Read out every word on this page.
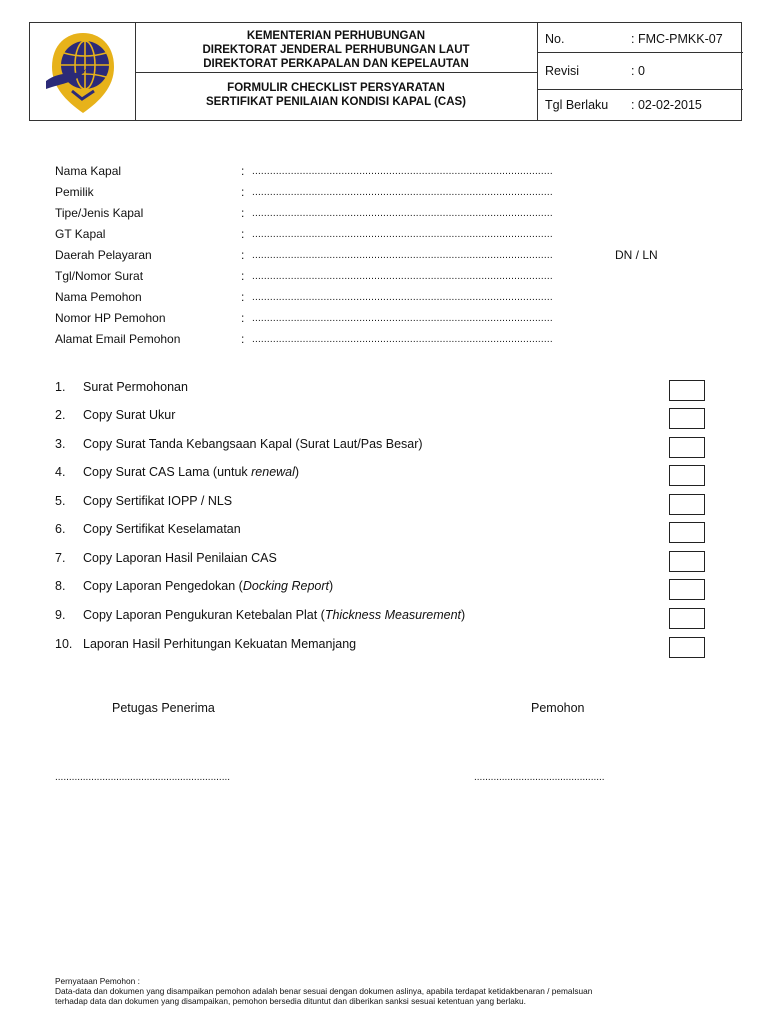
KEMENTERIAN PERHUBUNGAN
DIREKTORAT JENDERAL PERHUBUNGAN LAUT
DIREKTORAT PERKAPALAN DAN KEPELAUTAN
FORMULIR CHECKLIST PERSYARATAN
SERTIFIKAT PENILAIAN KONDISI KAPAL (CAS)
No.	: FMC-PMKK-07
Revisi	: 0
Tgl Berlaku : 02-02-2015
Nama Kapal	: .....................................................................................................
Pemilik	: .....................................................................................................
Tipe/Jenis Kapal	: .....................................................................................................
GT Kapal	: .....................................................................................................
Daerah Pelayaran	: .....................................................................................................	DN / LN
Tgl/Nomor Surat	: .....................................................................................................
Nama Pemohon	: .....................................................................................................
Nomor HP Pemohon	: .....................................................................................................
Alamat Email Pemohon	: .....................................................................................................
1. Surat Permohonan
2. Copy Surat Ukur
3. Copy Surat Tanda Kebangsaan Kapal (Surat Laut/Pas Besar)
4. Copy Surat CAS Lama (untuk renewal)
5. Copy Sertifikat IOPP / NLS
6. Copy Sertifikat Keselamatan
7. Copy Laporan Hasil Penilaian CAS
8. Copy Laporan Pengedokan (Docking Report)
9. Copy Laporan Pengukuran Ketebalan Plat (Thickness Measurement)
10. Laporan Hasil Perhitungan Kekuatan Memanjang
Petugas Penerima	Pemohon
...............................................................	...............................................
Pernyataan Pemohon :
Data-data dan dokumen yang disampaikan pemohon adalah benar sesuai dengan dokumen aslinya, apabila terdapat ketidakbenaran / pemalsuan
terhadap data dan dokumen yang disampaikan, pemohon bersedia dituntut dan diberikan sanksi sesuai ketentuan yang berlaku.
